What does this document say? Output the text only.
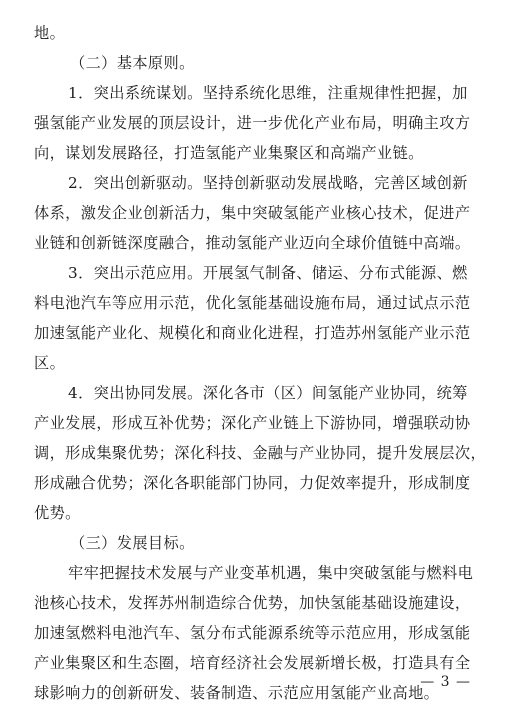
地。
（二）基本原则。
1．突出系统谋划。坚持系统化思维，注重规律性把握，加
强氢能产业发展的顶层设计，进一步优化产业布局，明确主攻方
向，谋划发展路径，打造氢能产业集聚区和高端产业链。
2．突出创新驱动。坚持创新驱动发展战略，完善区域创新
体系，激发企业创新活力，集中突破氢能产业核心技术，促进产
业链和创新链深度融合，推动氢能产业迈向全球价值链中高端。
3．突出示范应用。开展氢气制备、储运、分布式能源、燃
料电池汽车等应用示范，优化氢能基础设施布局，通过试点示范
加速氢能产业化、规模化和商业化进程，打造苏州氢能产业示范
区。
4．突出协同发展。深化各市（区）间氢能产业协同，统筹
产业发展，形成互补优势；深化产业链上下游协同，增强联动协
调，形成集聚优势；深化科技、金融与产业协同，提升发展层次，
形成融合优势；深化各职能部门协同，力促效率提升，形成制度
优势。
（三）发展目标。
牢牢把握技术发展与产业变革机遇，集中突破氢能与燃料电
池核心技术，发挥苏州制造综合优势，加快氢能基础设施建设，
加速氢燃料电池汽车、氢分布式能源系统等示范应用，形成氢能
产业集聚区和生态圈，培育经济社会发展新增长极，打造具有全
球影响力的创新研发、装备制造、示范应用氢能产业高地。
— 3 —
